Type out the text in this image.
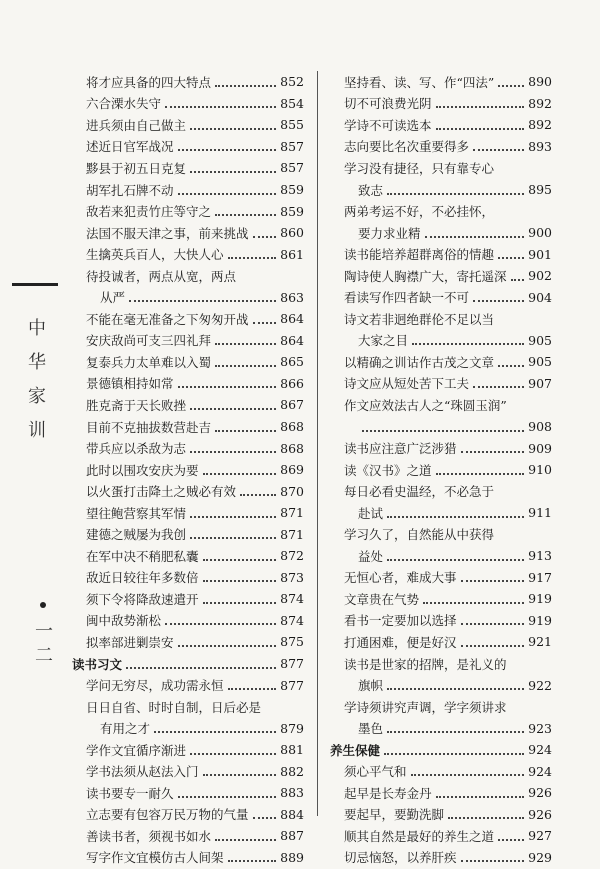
中
华
家
训
一二
将才应具备的四大特点	852
六合溧水失守	854
进兵须由自己做主	855
述近日官军战况	857
黟县于初五日克复	857
胡军扎石牌不动	859
敌若来犯责竹庄等守之	859
法国不服天津之事，前来挑战	860
生擒英兵百人，大快人心	861
待投诚者，两点从宽，两点
从严	863
不能在毫无准备之下匆匆开战	864
安庆敌尚可支三四礼拜	864
复泰兵力太单难以入蜀	865
景德镇相持如常	866
胜克斋于天长败挫	867
目前不克抽拔数营赴吉	868
带兵应以杀敌为志	868
此时以围攻安庆为要	869
以火蛋打击降土之贼必有效	870
望往鲍营察其军情	871
建德之贼屡为我创	871
在军中决不稍肥私囊	872
敌近日较往年多数倍	873
须下令将降敌速遣开	874
闽中敌势渐松	874
拟率部进剿崇安	875
读书习文	877
学问无穷尽，成功需永恒	877
日日自省、时时自制，日后必是
有用之才	879
学作文宜循序渐进	881
学书法须从赵法入门	882
读书要专一耐久	883
立志要有包容万民万物的气量	884
善读书者，须视书如水	887
写字作文宜模仿古人间架	889
坚持看、读、写、作“四法”	890
切不可浪费光阴	892
学诗不可读选本	892
志向要比名次重要得多	893
学习没有捷径，只有靠专心
致志	895
两弟考运不好，不必挂怀，
要力求业精	900
读书能培养超群离俗的情趣	901
陶诗使人胸襟广大，寄托遥深 902
看读写作四者缺一不可	904
诗文若非迥绝群伦不足以当
大家之目	905
以精确之训诂作古茂之文章	905
诗文应从短处苦下工夫	907
作文应效法古人之“珠圆玉润”
908
读书应注意广泛涉猎	909
读《汉书》之道	910
每日必看史温经，不必急于
赴试	911
学习久了，自然能从中获得
益处	913
无恒心者，难成大事	917
文章贵在气势	919
看书一定要加以选择	919
打通困难，便是好汉	921
读书是世家的招牌，是礼义的
旗帜	922
学诗须讲究声调，学字须讲求
墨色	923
养生保健	924
须心平气和	924
起早是长寿金丹	926
要起早，要勤洗脚	926
顺其自然是最好的养生之道	927
切忌恼怒，以养肝疾	929
